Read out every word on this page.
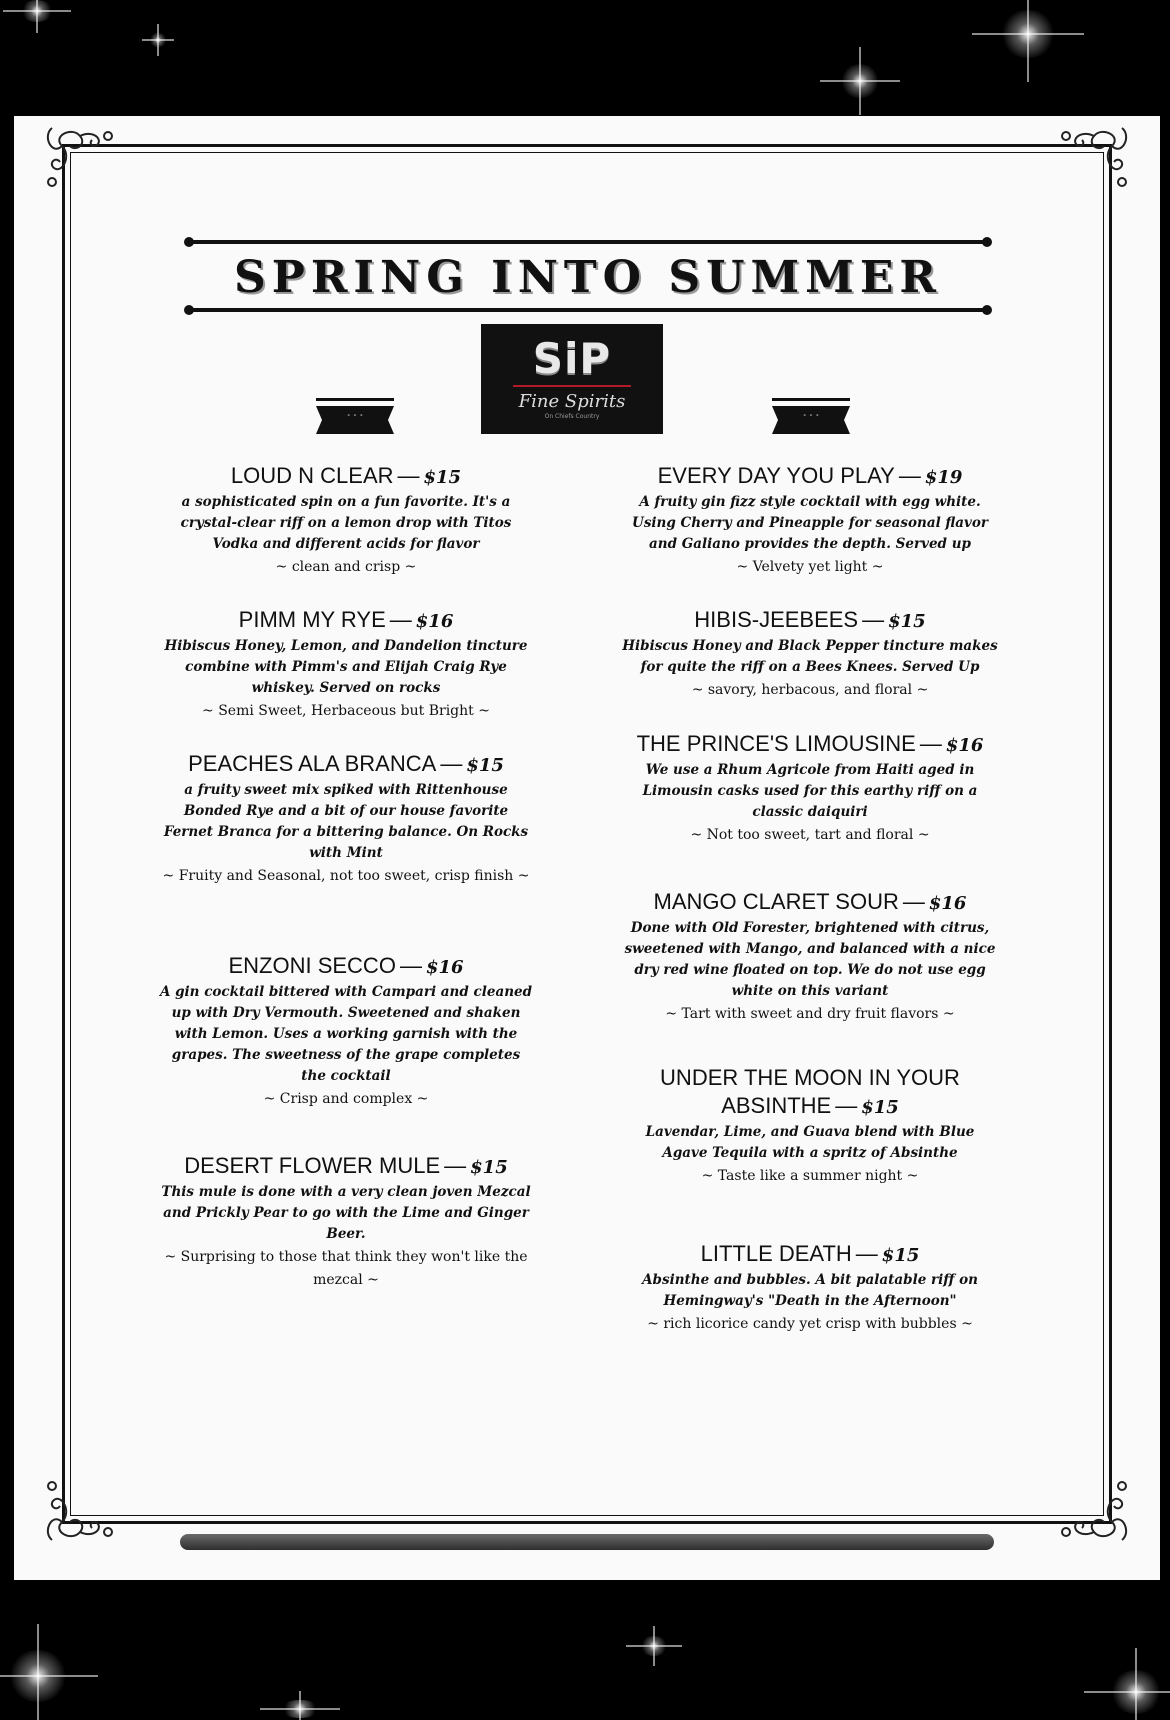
SPRING INTO SUMMER
• • •
SiP
Fine Spirits
On Chiefs Country	• • •
LOUD N CLEAR — $15
a sophisticated spin on a fun favorite. It's a crystal-clear riff on a lemon drop with Titos Vodka and different acids for flavor
~ clean and crisp ~
PIMM MY RYE — $16
Hibiscus Honey, Lemon, and Dandelion tincture combine with Pimm's and Elijah Craig Rye whiskey. Served on rocks
~ Semi Sweet, Herbaceous but Bright ~
PEACHES ALA BRANCA — $15
a fruity sweet mix spiked with Rittenhouse Bonded Rye and a bit of our house favorite Fernet Branca for a bittering balance. On Rocks with Mint
~ Fruity and Seasonal, not too sweet, crisp finish ~
ENZONI SECCO — $16
A gin cocktail bittered with Campari and cleaned up with Dry Vermouth. Sweetened and shaken with Lemon. Uses a working garnish with the grapes. The sweetness of the grape completes the cocktail
~ Crisp and complex ~
DESERT FLOWER MULE — $15
This mule is done with a very clean joven Mezcal and Prickly Pear to go with the Lime and Ginger Beer.
~ Surprising to those that think they won't like the mezcal ~
EVERY DAY YOU PLAY — $19
A fruity gin fizz style cocktail with egg white. Using Cherry and Pineapple for seasonal flavor and Galiano provides the depth. Served up
~ Velvety yet light ~
HIBIS-JEEBEES — $15
Hibiscus Honey and Black Pepper tincture makes for quite the riff on a Bees Knees. Served Up
~ savory, herbacous, and floral ~
THE PRINCE'S LIMOUSINE — $16
We use a Rhum Agricole from Haiti aged in Limousin casks used for this earthy riff on a classic daiquiri
~ Not too sweet, tart and floral ~
MANGO CLARET SOUR — $16
Done with Old Forester, brightened with citrus, sweetened with Mango, and balanced with a nice dry red wine floated on top. We do not use egg white on this variant
~ Tart with sweet and dry fruit flavors ~
UNDER THE MOON IN YOUR ABSINTHE — $15
Lavendar, Lime, and Guava blend with Blue Agave Tequila with a spritz of Absinthe
~ Taste like a summer night ~
LITTLE DEATH — $15
Absinthe and bubbles. A bit palatable riff on Hemingway's "Death in the Afternoon"
~ rich licorice candy yet crisp with bubbles ~
